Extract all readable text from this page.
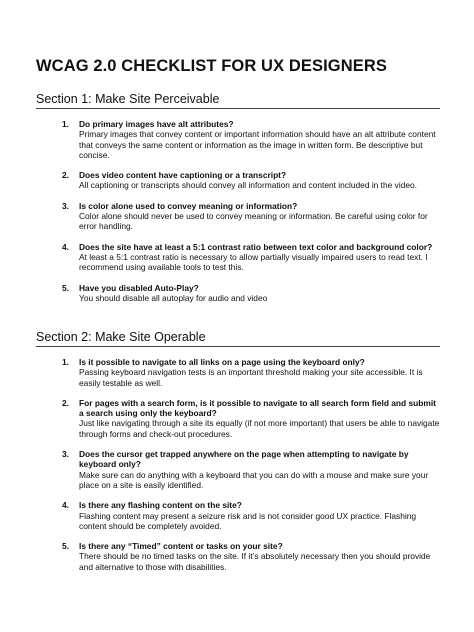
WCAG 2.0 CHECKLIST FOR UX DESIGNERS
Section 1: Make Site Perceivable
1. Do primary images have alt attributes?
Primary images that convey content or important information should have an alt attribute content that conveys the same content or information as the image in written form. Be descriptive but concise.
2. Does video content have captioning or a transcript?
All captioning or transcripts should convey all information and content included in the video.
3. Is color alone used to convey meaning or information?
Color alone should never be used to convey meaning or information. Be careful using color for error handling.
4. Does the site have at least a 5:1 contrast ratio between text color and background color?
At least a 5:1 contrast ratio is necessary to allow partially visually impaired users to read text. I recommend using available tools to test this.
5. Have you disabled Auto-Play?
You should disable all autoplay for audio and video
Section 2: Make Site Operable
1. Is it possible to navigate to all links on a page using the keyboard only?
Passing keyboard navigation tests is an important threshold making your site accessible. It is easily testable as well.
2. For pages with a search form, is it possible to navigate to all search form field and submit a search using only the keyboard?
Just like navigating through a site its equally (if not more important) that users be able to navigate through forms and check-out procedures.
3. Does the cursor get trapped anywhere on the page when attempting to navigate by keyboard only?
Make sure can do anything with a keyboard that you can do with a mouse and make sure your place on a site is easily identified.
4. Is there any flashing content on the site?
Flashing content may present a seizure risk and is not consider good UX practice. Flashing content should be completely avoided.
5. Is there any “Timed” content or tasks on your site?
There should be no timed tasks on the site. If it’s absolutely necessary then you should provide and alternative to those with disabilities.
